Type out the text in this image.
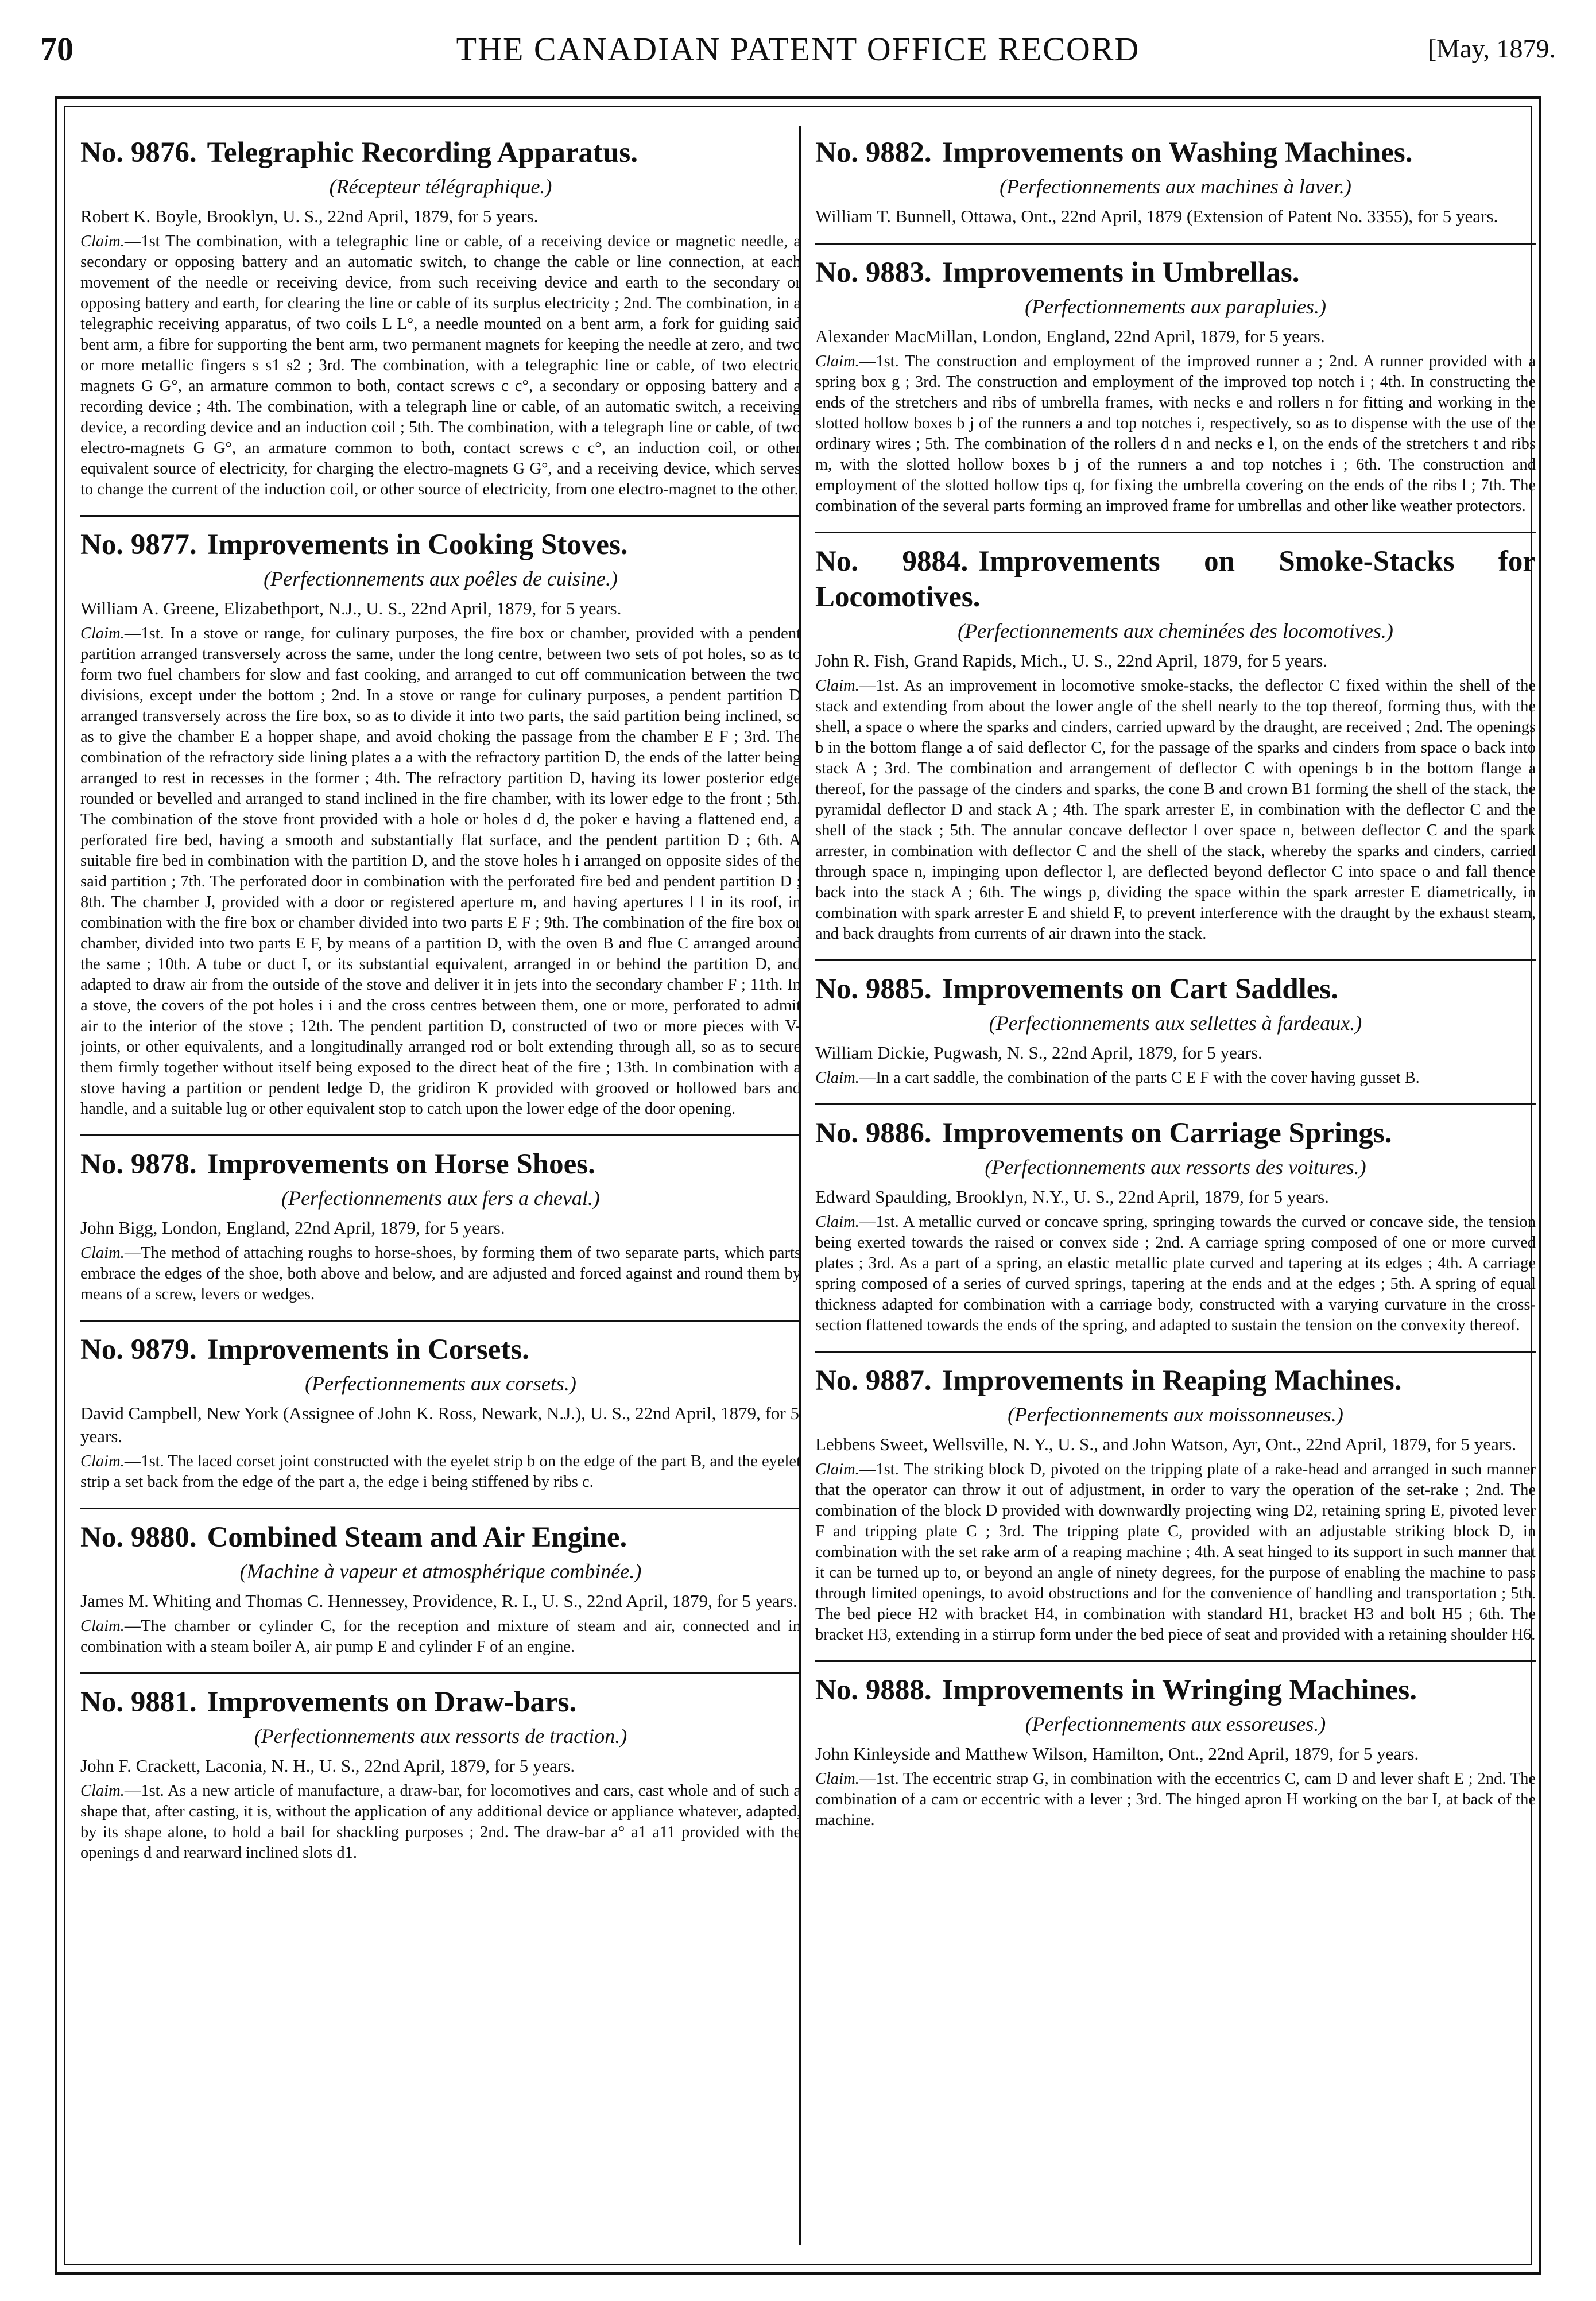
70	THE CANADIAN PATENT OFFICE RECORD	[May, 1879.
No. 9876. Telegraphic Recording Apparatus.
(Récepteur télégraphique.)
Robert K. Boyle, Brooklyn, U. S., 22nd April, 1879, for 5 years.

Claim.—1st The combination, with a telegraphic line or cable, of a receiving device or magnetic needle, a secondary or opposing battery and an automatic switch, to change the cable or line connection, at each movement of the needle or receiving device, from such receiving device and earth to the secondary or opposing battery and earth, for clearing the line or cable of its surplus electricity ; 2nd. The combination, in a telegraphic receiving apparatus, of two coils L L°, a needle mounted on a bent arm, a fork for guiding said bent arm, a fibre for supporting the bent arm, two permanent magnets for keeping the needle at zero, and two or more metallic fingers s s1 s2 ; 3rd. The combination, with a telegraphic line or cable, of two electric magnets G G°, an armature common to both, contact screws c c°, a secondary or opposing battery and a recording device ; 4th. The combination, with a telegraph line or cable, of an automatic switch, a receiving device, a recording device and an induction coil ; 5th. The combination, with a telegraph line or cable, of two electro-magnets G G°, an armature common to both, contact screws c c°, an induction coil, or other equivalent source of electricity, for charging the electro-magnets G G°, and a receiving device, which serves to change the current of the induction coil, or other source of electricity, from one electro-magnet to the other.

No. 9877. Improvements in Cooking Stoves.
(Perfectionnements aux poêles de cuisine.)
William A. Greene, Elizabethport, N.J., U. S., 22nd April, 1879, for 5 years.

Claim.—1st. In a stove or range, for culinary purposes, the fire box or chamber, provided with a pendent partition arranged transversely across the same, under the long centre, between two sets of pot holes, so as to form two fuel chambers for slow and fast cooking, and arranged to cut off communication between the two divisions, except under the bottom ; 2nd. In a stove or range for culinary purposes, a pendent partition D arranged transversely across the fire box, so as to divide it into two parts, the said partition being inclined, so as to give the chamber E a hopper shape, and avoid choking the passage from the chamber E F ; 3rd. The combination of the refractory side lining plates a a with the refractory partition D, the ends of the latter being arranged to rest in recesses in the former ; 4th. The refractory partition D, having its lower posterior edge rounded or bevelled and arranged to stand inclined in the fire chamber, with its lower edge to the front ; 5th. The combination of the stove front provided with a hole or holes d d, the poker e having a flattened end, a perforated fire bed, having a smooth and substantially flat surface, and the pendent partition D ; 6th. A suitable fire bed in combination with the partition D, and the stove holes h i arranged on opposite sides of the said partition ; 7th. The perforated door in combination with the perforated fire bed and pendent partition D ; 8th. The chamber J, provided with a door or registered aperture m, and having apertures l l in its roof, in combination with the fire box or chamber divided into two parts E F ; 9th. The combination of the fire box or chamber, divided into two parts E F, by means of a partition D, with the oven B and flue C arranged around the same ; 10th. A tube or duct I, or its substantial equivalent, arranged in or behind the partition D, and adapted to draw air from the outside of the stove and deliver it in jets into the secondary chamber F ; 11th. In a stove, the covers of the pot holes i i and the cross centres between them, one or more, perforated to admit air to the interior of the stove ; 12th. The pendent partition D, constructed of two or more pieces with V-joints, or other equivalents, and a longitudinally arranged rod or bolt extending through all, so as to secure them firmly together without itself being exposed to the direct heat of the fire ; 13th. In combination with a stove having a partition or pendent ledge D, the gridiron K provided with grooved or hollowed bars and handle, and a suitable lug or other equivalent stop to catch upon the lower edge of the door opening.

No. 9878. Improvements on Horse Shoes.
(Perfectionnements aux fers a cheval.)
John Bigg, London, England, 22nd April, 1879, for 5 years.

Claim.—The method of attaching roughs to horse-shoes, by forming them of two separate parts, which parts embrace the edges of the shoe, both above and below, and are adjusted and forced against and round them by means of a screw, levers or wedges.

No. 9879. Improvements in Corsets.
(Perfectionnements aux corsets.)
David Campbell, New York (Assignee of John K. Ross, Newark, N.J.), U. S., 22nd April, 1879, for 5 years.

Claim.—1st. The laced corset joint constructed with the eyelet strip b on the edge of the part B, and the eyelet strip a set back from the edge of the part a, the edge i being stiffened by ribs c.

No. 9880. Combined Steam and Air Engine.
(Machine à vapeur et atmosphérique combinée.)
James M. Whiting and Thomas C. Hennessey, Providence, R. I., U. S., 22nd April, 1879, for 5 years.

Claim.—The chamber or cylinder C, for the reception and mixture of steam and air, connected and in combination with a steam boiler A, air pump E and cylinder F of an engine.

No. 9881. Improvements on Draw-bars.
(Perfectionnements aux ressorts de traction.)
John F. Crackett, Laconia, N. H., U. S., 22nd April, 1879, for 5 years.

Claim.—1st. As a new article of manufacture, a draw-bar, for locomotives and cars, cast whole and of such a shape that, after casting, it is, without the application of any additional device or appliance whatever, adapted, by its shape alone, to hold a bail for shackling purposes ; 2nd. The draw-bar a° a1 a11 provided with the openings d and rearward inclined slots d1.

No. 9882. Improvements on Washing Machines.
(Perfectionnements aux machines à laver.)
William T. Bunnell, Ottawa, Ont., 22nd April, 1879 (Extension of Patent No. 3355), for 5 years.
No. 9883. Improvements in Umbrellas.
(Perfectionnements aux parapluies.)
Alexander MacMillan, London, England, 22nd April, 1879, for 5 years.

Claim.—1st. The construction and employment of the improved runner a ; 2nd. A runner provided with a spring box g ; 3rd. The construction and employment of the improved top notch i ; 4th. In constructing the ends of the stretchers and ribs of umbrella frames, with necks e and rollers n for fitting and working in the slotted hollow boxes b j of the runners a and top notches i, respectively, so as to dispense with the use of the ordinary wires ; 5th. The combination of the rollers d n and necks e l, on the ends of the stretchers t and ribs m, with the slotted hollow boxes b j of the runners a and top notches i ; 6th. The construction and employment of the slotted hollow tips q, for fixing the umbrella covering on the ends of the ribs l ; 7th. The combination of the several parts forming an improved frame for umbrellas and other like weather protectors.

No. 9884. Improvements on Smoke-Stacks for Locomotives.
(Perfectionnements aux cheminées des locomotives.)
John R. Fish, Grand Rapids, Mich., U. S., 22nd April, 1879, for 5 years.

Claim.—1st. As an improvement in locomotive smoke-stacks, the deflector C fixed within the shell of the stack and extending from about the lower angle of the shell nearly to the top thereof, forming thus, with the shell, a space o where the sparks and cinders, carried upward by the draught, are received ; 2nd. The openings b in the bottom flange a of said deflector C, for the passage of the sparks and cinders from space o back into stack A ; 3rd. The combination and arrangement of deflector C with openings b in the bottom flange a thereof, for the passage of the cinders and sparks, the cone B and crown B1 forming the shell of the stack, the pyramidal deflector D and stack A ; 4th. The spark arrester E, in combination with the deflector C and the shell of the stack ; 5th. The annular concave deflector l over space n, between deflector C and the spark arrester, in combination with deflector C and the shell of the stack, whereby the sparks and cinders, carried through space n, impinging upon deflector l, are deflected beyond deflector C into space o and fall thence back into the stack A ; 6th. The wings p, dividing the space within the spark arrester E diametrically, in combination with spark arrester E and shield F, to prevent interference with the draught by the exhaust steam, and back draughts from currents of air drawn into the stack.

No. 9885. Improvements on Cart Saddles.
(Perfectionnements aux sellettes à fardeaux.)
William Dickie, Pugwash, N. S., 22nd April, 1879, for 5 years.

Claim.—In a cart saddle, the combination of the parts C E F with the cover having gusset B.

No. 9886. Improvements on Carriage Springs.
(Perfectionnements aux ressorts des voitures.)
Edward Spaulding, Brooklyn, N.Y., U. S., 22nd April, 1879, for 5 years.

Claim.—1st. A metallic curved or concave spring, springing towards the curved or concave side, the tension being exerted towards the raised or convex side ; 2nd. A carriage spring composed of one or more curved plates ; 3rd. As a part of a spring, an elastic metallic plate curved and tapering at its edges ; 4th. A carriage spring composed of a series of curved springs, tapering at the ends and at the edges ; 5th. A spring of equal thickness adapted for combination with a carriage body, constructed with a varying curvature in the cross-section flattened towards the ends of the spring, and adapted to sustain the tension on the convexity thereof.

No. 9887. Improvements in Reaping Machines.
(Perfectionnements aux moissonneuses.)
Lebbens Sweet, Wellsville, N. Y., U. S., and John Watson, Ayr, Ont., 22nd April, 1879, for 5 years.

Claim.—1st. The striking block D, pivoted on the tripping plate of a rake-head and arranged in such manner that the operator can throw it out of adjustment, in order to vary the operation of the set-rake ; 2nd. The combination of the block D provided with downwardly projecting wing D2, retaining spring E, pivoted lever F and tripping plate C ; 3rd. The tripping plate C, provided with an adjustable striking block D, in combination with the set rake arm of a reaping machine ; 4th. A seat hinged to its support in such manner that it can be turned up to, or beyond an angle of ninety degrees, for the purpose of enabling the machine to pass through limited openings, to avoid obstructions and for the convenience of handling and transportation ; 5th. The bed piece H2 with bracket H4, in combination with standard H1, bracket H3 and bolt H5 ; 6th. The bracket H3, extending in a stirrup form under the bed piece of seat and provided with a retaining shoulder H6.

No. 9888. Improvements in Wringing Machines.
(Perfectionnements aux essoreuses.)
John Kinleyside and Matthew Wilson, Hamilton, Ont., 22nd April, 1879, for 5 years.

Claim.—1st. The eccentric strap G, in combination with the eccentrics C, cam D and lever shaft E ; 2nd. The combination of a cam or eccentric with a lever ; 3rd. The hinged apron H working on the bar I, at back of the machine.
